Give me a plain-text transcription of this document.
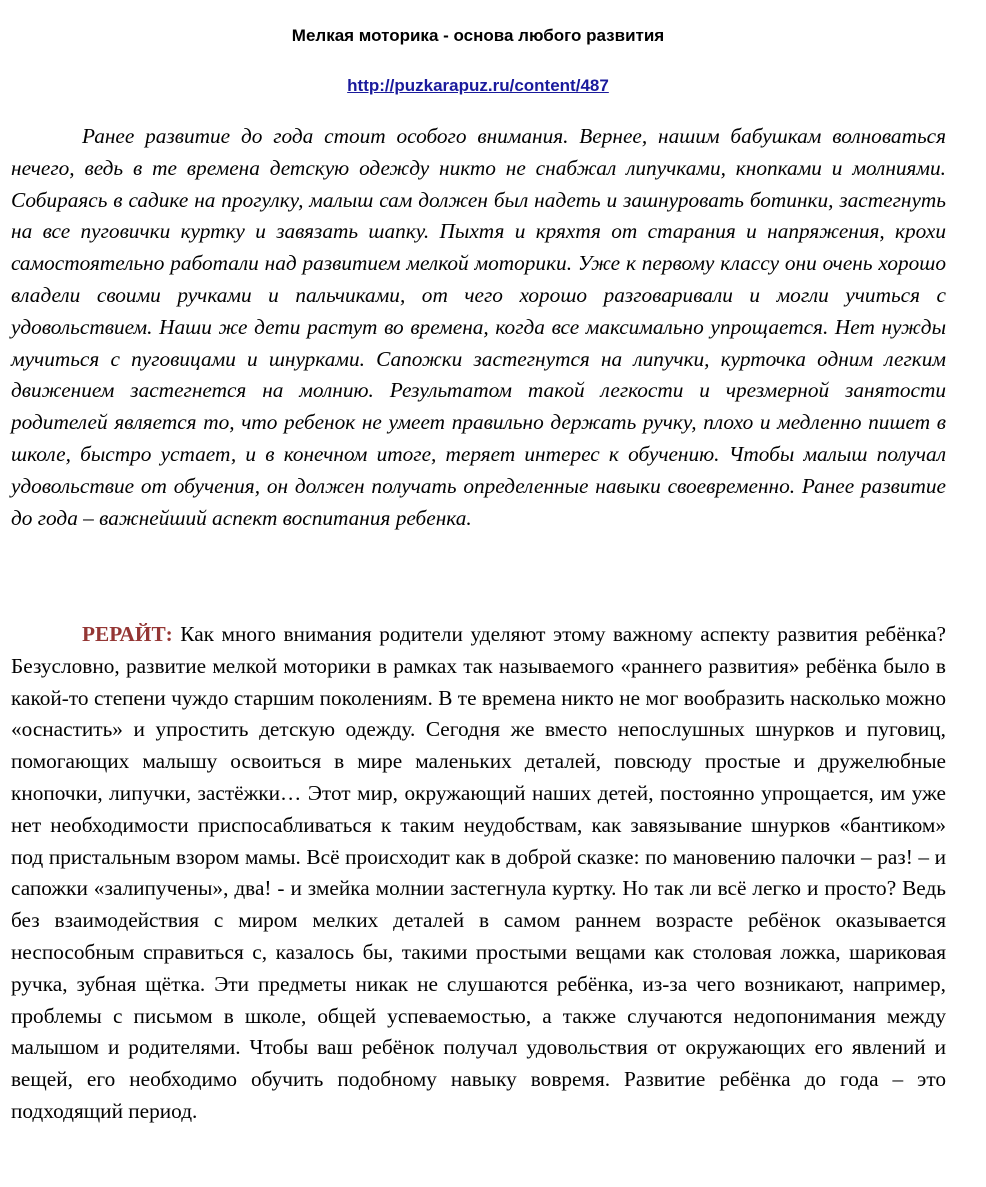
Мелкая моторика - основа любого развития
http://puzkarapuz.ru/content/487

Ранее развитие до года стоит особого внимания. Вернее, нашим бабушкам волноваться нечего, ведь в те времена детскую одежду никто не снабжал липучками, кнопками и молниями. Собираясь в садике на прогулку, малыш сам должен был надеть и зашнуровать ботинки, застегнуть на все пуговички куртку и завязать шапку. Пыхтя и кряхтя от старания и напряжения, крохи самостоятельно работали над развитием мелкой моторики. Уже к первому классу они очень хорошо владели своими ручками и пальчиками, от чего хорошо разговаривали и могли учиться с удовольствием. Наши же дети растут во времена, когда все максимально упрощается. Нет нужды мучиться с пуговицами и шнурками. Сапожки застегнутся на липучки, курточка одним легким движением застегнется на молнию. Результатом такой легкости и чрезмерной занятости родителей является то, что ребенок не умеет правильно держать ручку, плохо и медленно пишет в школе, быстро устает, и в конечном итоге, теряет интерес к обучению. Чтобы малыш получал удовольствие от обучения, он должен получать определенные навыки своевременно. Ранее развитие до года – важнейший аспект воспитания ребенка.

РЕРАЙТ: Как много внимания родители уделяют этому важному аспекту развития ребёнка? Безусловно, развитие мелкой моторики в рамках так называемого «раннего развития» ребёнка было в какой-то степени чуждо старшим поколениям. В те времена никто не мог вообразить насколько можно «оснастить» и упростить детскую одежду. Сегодня же вместо непослушных шнурков и пуговиц, помогающих малышу освоиться в мире маленьких деталей, повсюду простые и дружелюбные кнопочки, липучки, застёжки… Этот мир, окружающий наших детей, постоянно упрощается, им уже нет необходимости приспосабливаться к таким неудобствам, как завязывание шнурков «бантиком» под пристальным взором мамы. Всё происходит как в доброй сказке: по мановению палочки – раз! – и сапожки «залипучены», два! - и змейка молнии застегнула куртку. Но так ли всё легко и просто? Ведь без взаимодействия с миром мелких деталей в самом раннем возрасте ребёнок оказывается неспособным справиться с, казалось бы, такими простыми вещами как столовая ложка, шариковая ручка, зубная щётка. Эти предметы никак не слушаются ребёнка, из-за чего возникают, например, проблемы с письмом в школе, общей успеваемостью, а также случаются недопонимания между малышом и родителями. Чтобы ваш ребёнок получал удовольствия от окружающих его явлений и вещей, его необходимо обучить подобному навыку вовремя. Развитие ребёнка до года – это подходящий период.
